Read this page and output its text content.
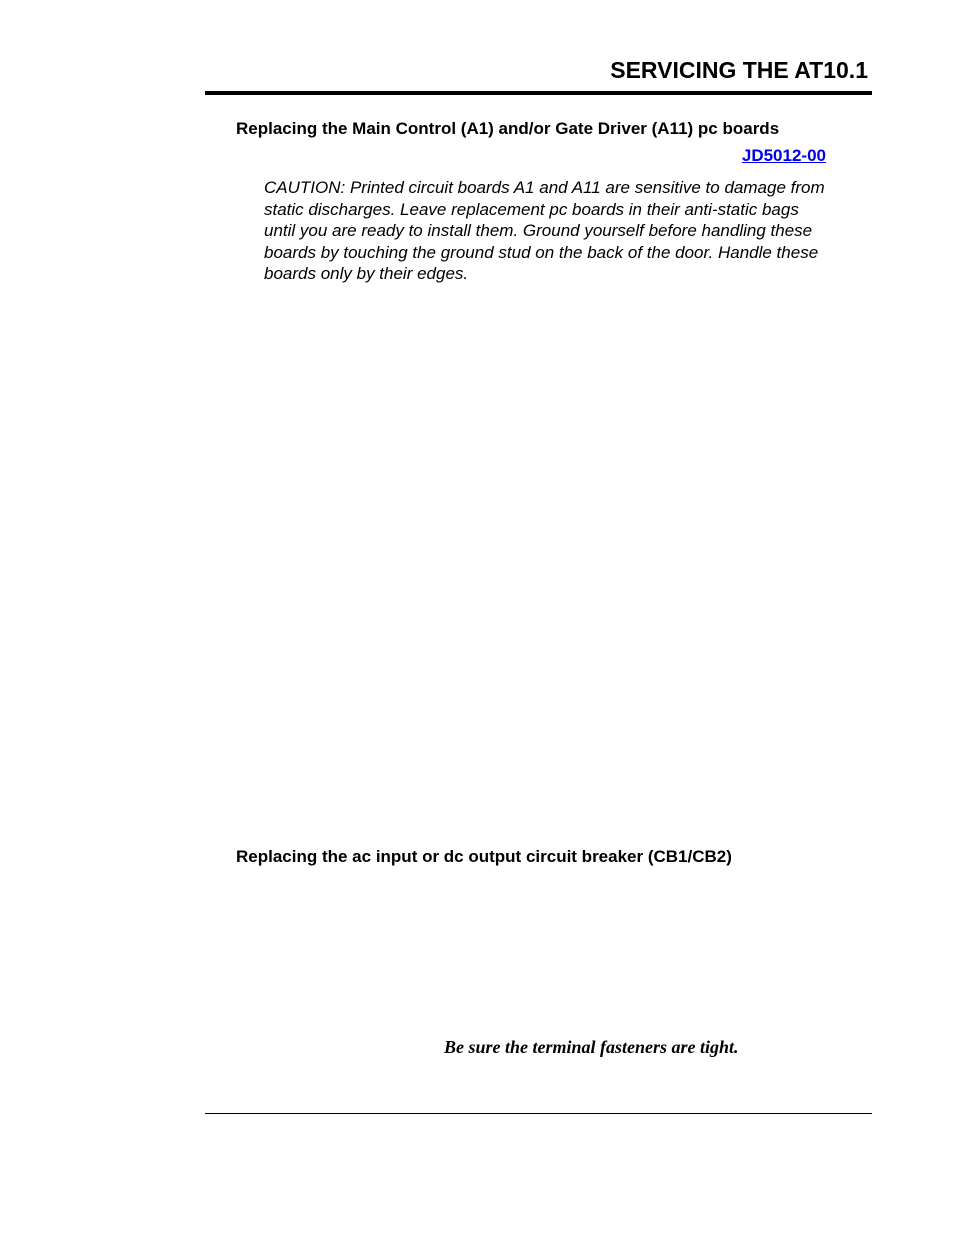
SERVICING THE AT10.1
Replacing the Main Control (A1) and/or Gate Driver (A11) pc boards
JD5012-00

CAUTION: Printed circuit boards A1 and A11 are sensitive to damage from static discharges. Leave replacement pc boards in their anti-static bags until you are ready to install them. Ground yourself before handling these boards by touching the ground stud on the back of the door. Handle these boards only by their edges.

Replacing the ac input or dc output circuit breaker (CB1/CB2)
Be sure the terminal fasteners are tight.
